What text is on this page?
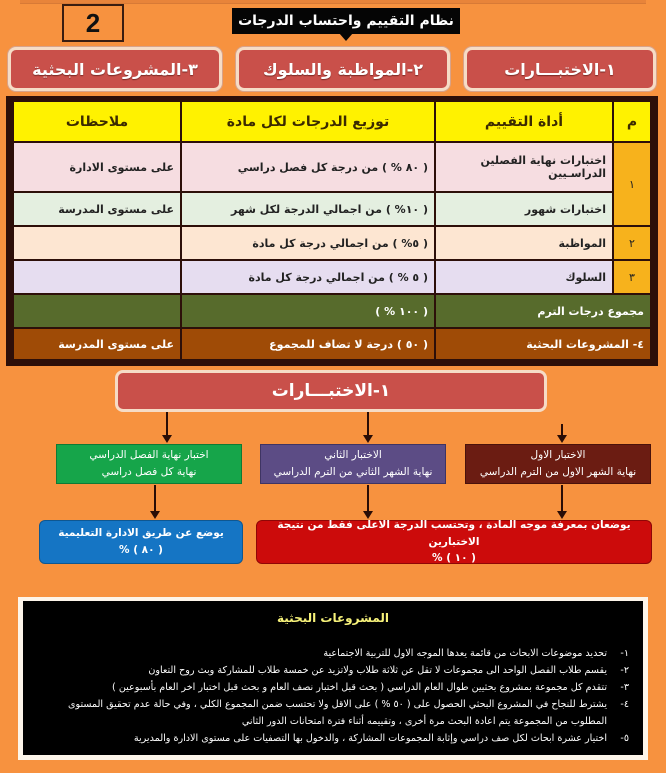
2	نظام التقييم واحتساب الدرجات
١-الاختبـــارات
٢-المواظبة والسلوك
٣-المشروعات البحثية
م	أداة التقييم	توزيع الدرجات لكل مادة	ملاحظات
١	اختبارات نهاية الفصلين الدراسـيين	( ٨٠ % ) من درجة كل فصل دراسي	على مستوى الادارة
	اختبارات شهور	( ١٠% ) من اجمالي الدرجة لكل شهر	على مستوى المدرسة
٢	المواظبة	( ٥% ) من اجمالي درجة كل مادة	
٣	السلوك	( ٥ % ) من اجمالي درجة كل مادة	
مجموع درجات الترم		( ١٠٠ % )	
٤- المشروعات البحثية		( ٥٠ ) درجة لا تضاف للمجموع	على مستوى المدرسة
١-الاختبـــارات
الاختبار الاول
نهاية الشهر الاول من الترم الدراسي
الاختبار الثاني
نهاية الشهر الثاني من الترم الدراسي
اختبار نهاية الفصل الدراسي
نهاية كل فصل دراسي
يوضعان بمعرفة موجه المادة ، وتحتسب الدرجة الاعلى فقط من نتيجة الاختبارين
( ١٠ ) %
يوضع عن طريق الادارة التعليمية
( ٨٠ ) %
المشروعات البحثية
١-
تحديد موضوعات الابحاث من قائمة يعدها الموجه الاول للتربية الاجتماعية
٢-
يقسم طلاب الفصل الواحد الى مجموعات لا تقل عن ثلاثة طلاب ولاتزيد عن خمسة طلاب للمشاركة وبث روح التعاون
٣-
تتقدم كل مجموعة بمشروع بحثيين طوال العام الدراسي ( بحث قبل اختبار نصف العام و بحث قبل اختبار اخر العام بأسبوعين )
٤-
يشترط للنجاح في المشروع البحثي الحصول على ( ٥٠ % ) على الاقل ولا تحتسب ضمن المجموع الكلي ، وفي حالة عدم تحقيق المستوى المطلوب من المجموعة يتم اعادة البحث مرة أخرى ، وتقييمه أثناء فترة امتحانات الدور الثاني
٥-
اختيار عشرة ابحاث لكل صف دراسي وإثابة المجموعات المشاركة ، والدخول بها التصفيات على مستوى الادارة والمديرية
